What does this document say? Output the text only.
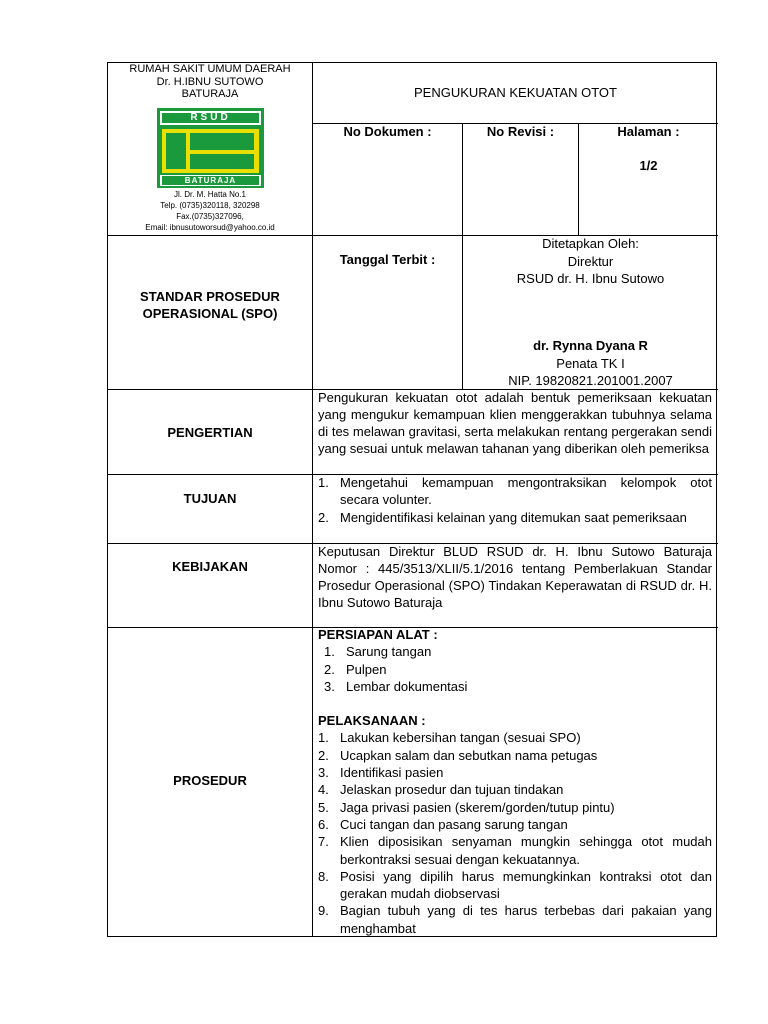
RUMAH SAKIT UMUM DAERAH
Dr. H.IBNU SUTOWO
BATURAJA
RSUD
BATURAJA
Jl. Dr. M. Hatta No.1
Telp. (0735)320118, 320298
Fax.(0735)327096,
Email: ibnusutoworsud@yahoo.co.id
PENGUKURAN KEKUATAN OTOT
No Dokumen :	No Revisi :	Halaman :
1/2
STANDAR PROSEDUR
OPERASIONAL (SPO)
Tanggal Terbit :
Ditetapkan Oleh:
Direktur
RSUD dr. H. Ibnu Sutowo
dr. Rynna Dyana R
Penata TK I
NIP. 19820821.201001.2007
PENGERTIAN
Pengukuran kekuatan otot adalah bentuk pemeriksaan kekuatan yang mengukur kemampuan klien menggerakkan tubuhnya selama di tes melawan gravitasi, serta melakukan rentang pergerakan sendi yang sesuai untuk melawan tahanan yang diberikan oleh pemeriksa
TUJUAN
1. Mengetahui kemampuan mengontraksikan kelompok otot secara volunter.
2. Mengidentifikasi kelainan yang ditemukan saat pemeriksaan
KEBIJAKAN
Keputusan Direktur BLUD RSUD dr. H. Ibnu Sutowo Baturaja Nomor : 445/3513/XLII/5.1/2016 tentang Pemberlakuan Standar Prosedur Operasional (SPO) Tindakan Keperawatan di RSUD dr. H. Ibnu Sutowo Baturaja
PROSEDUR
PERSIAPAN ALAT :
1. Sarung tangan
2. Pulpen
3. Lembar dokumentasi
PELAKSANAAN :
1. Lakukan kebersihan tangan (sesuai SPO)
2. Ucapkan salam dan sebutkan nama petugas
3. Identifikasi pasien
4. Jelaskan prosedur dan tujuan tindakan
5. Jaga privasi pasien (skerem/gorden/tutup pintu)
6. Cuci tangan dan pasang sarung tangan
7. Klien diposisikan senyaman mungkin sehingga otot mudah berkontraksi sesuai dengan kekuatannya.
8. Posisi yang dipilih harus memungkinkan kontraksi otot dan gerakan mudah diobservasi
9. Bagian tubuh yang di tes harus terbebas dari pakaian yang menghambat
